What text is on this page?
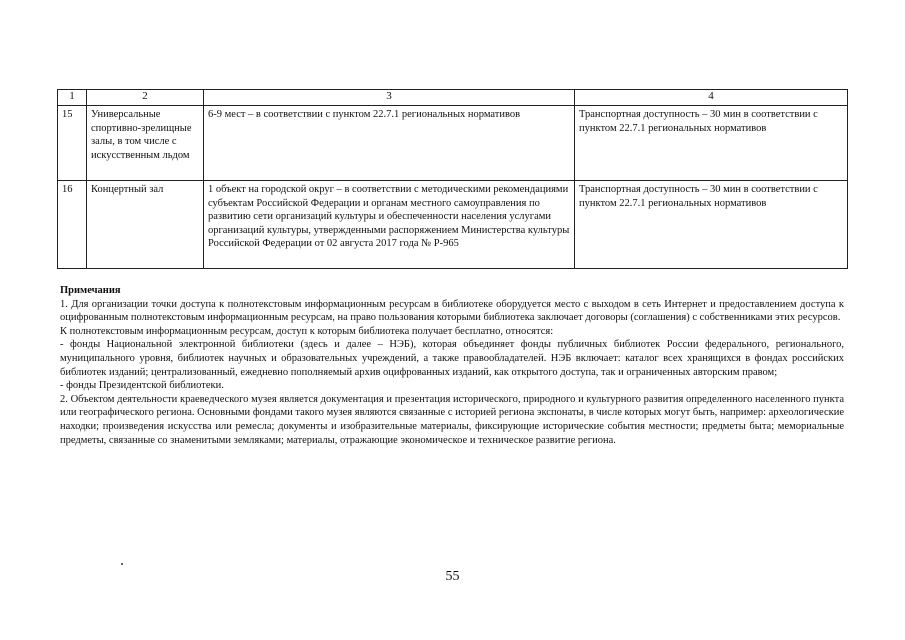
1	2	3	4
15	Универсальные спортивно-зрелищные залы, в том числе с искусственным льдом	6-9 мест – в соответствии с пунктом 22.7.1 региональных нормативов	Транспортная доступность – 30 мин в соответствии с пунктом 22.7.1 региональных нормативов
16	Концертный зал	1 объект на городской округ – в соответствии с методическими рекомендациями субъектам Российской Федерации и органам местного самоуправления по развитию сети организаций культуры и обеспеченности населения услугами организаций культуры, утвержденными распоряжением Министерства культуры Российской Федерации от 02 августа 2017 года № Р-965	Транспортная доступность – 30 мин в соответствии с пунктом 22.7.1 региональных нормативов

Примечания

1. Для организации точки доступа к полнотекстовым информационным ресурсам в библиотеке оборудуется место с выходом в сеть Интернет и предоставлением доступа к оцифрованным полнотекстовым информационным ресурсам, на право пользования которыми библиотека заключает договоры (соглашения) с собственниками этих ресурсов.

К полнотекстовым информационным ресурсам, доступ к которым библиотека получает бесплатно, относятся:

- фонды Национальной электронной библиотеки (здесь и далее – НЭБ), которая объединяет фонды публичных библиотек России федерального, регионального, муниципального уровня, библиотек научных и образовательных учреждений, а также правообладателей. НЭБ включает: каталог всех хранящихся в фондах российских библиотек изданий; централизованный, ежедневно пополняемый архив оцифрованных изданий, как открытого доступа, так и ограниченных авторским правом;

- фонды Президентской библиотеки.

2. Объектом деятельности краеведческого музея является документация и презентация исторического, природного и культурного развития определенного населенного пункта или географического региона. Основными фондами такого музея являются связанные с историей региона экспонаты, в числе которых могут быть, например: археологические находки; произведения искусства или ремесла; документы и изобразительные материалы, фиксирующие исторические события местности; предметы быта; мемориальные предметы, связанные со знаменитыми земляками; материалы, отражающие экономическое и техническое развитие региона.

55
